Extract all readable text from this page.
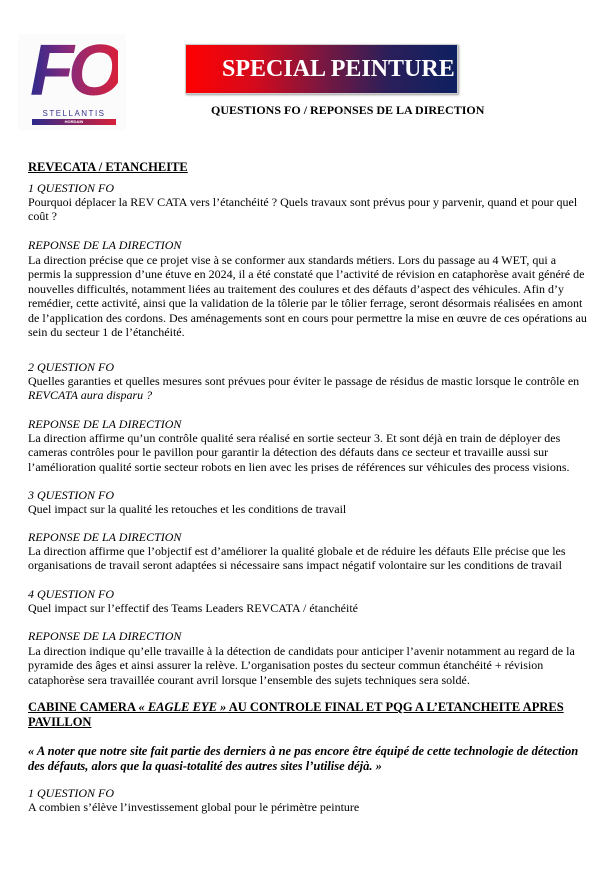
FO
STELLANTIS
HORDAIN
SPECIAL PEINTURE
QUESTIONS FO / REPONSES DE LA DIRECTION
REVECATA / ETANCHEITE
1 QUESTION FO
Pourquoi déplacer la REV CATA vers l’étanchéité ? Quels travaux sont prévus pour y parvenir, quand et pour quel coût ?
REPONSE DE LA DIRECTION
La direction précise que ce projet vise à se conformer aux standards métiers. Lors du passage au 4 WET, qui a permis la suppression d’une étuve en 2024, il a été constaté que l’activité de révision en cataphorèse avait généré de nouvelles difficultés, notamment liées au traitement des coulures et des défauts d’aspect des véhicules. Afin d’y remédier, cette activité, ainsi que la validation de la tôlerie par le tôlier ferrage, seront désormais réalisées en amont de l’application des cordons. Des aménagements sont en cours pour permettre la mise en œuvre de ces opérations au sein du secteur 1 de l’étanchéité.
2 QUESTION FO
Quelles garanties et quelles mesures sont prévues pour éviter le passage de résidus de mastic lorsque le contrôle en REVCATA aura disparu ?
REPONSE DE LA DIRECTION
La direction affirme qu’un contrôle qualité sera réalisé en sortie secteur 3. Et sont déjà en train de déployer des cameras contrôles pour le pavillon pour garantir la détection des défauts dans ce secteur et travaille aussi sur l’amélioration qualité sortie secteur robots en lien avec les prises de références sur véhicules des process visions.
3 QUESTION FO
Quel impact sur la qualité les retouches et les conditions de travail
REPONSE DE LA DIRECTION
La direction affirme que l’objectif est d’améliorer la qualité globale et de réduire les défauts Elle précise que les organisations de travail seront adaptées si nécessaire sans impact négatif volontaire sur les conditions de travail
4 QUESTION FO
Quel impact sur l’effectif des Teams Leaders REVCATA / étanchéité
REPONSE DE LA DIRECTION
La direction indique qu’elle travaille à la détection de candidats pour anticiper l’avenir notamment au regard de la pyramide des âges et ainsi assurer la relève. L’organisation postes du secteur commun étanchéité + révision cataphorèse sera travaillée courant avril lorsque l’ensemble des sujets techniques sera soldé.
CABINE CAMERA « EAGLE EYE » AU CONTROLE FINAL ET PQG A L’ETANCHEITE APRES PAVILLON
« A noter que notre site fait partie des derniers à ne pas encore être équipé de cette technologie de détection des défauts, alors que la quasi-totalité des autres sites l’utilise déjà. »
1 QUESTION FO
A combien s’élève l’investissement global pour le périmètre peinture
